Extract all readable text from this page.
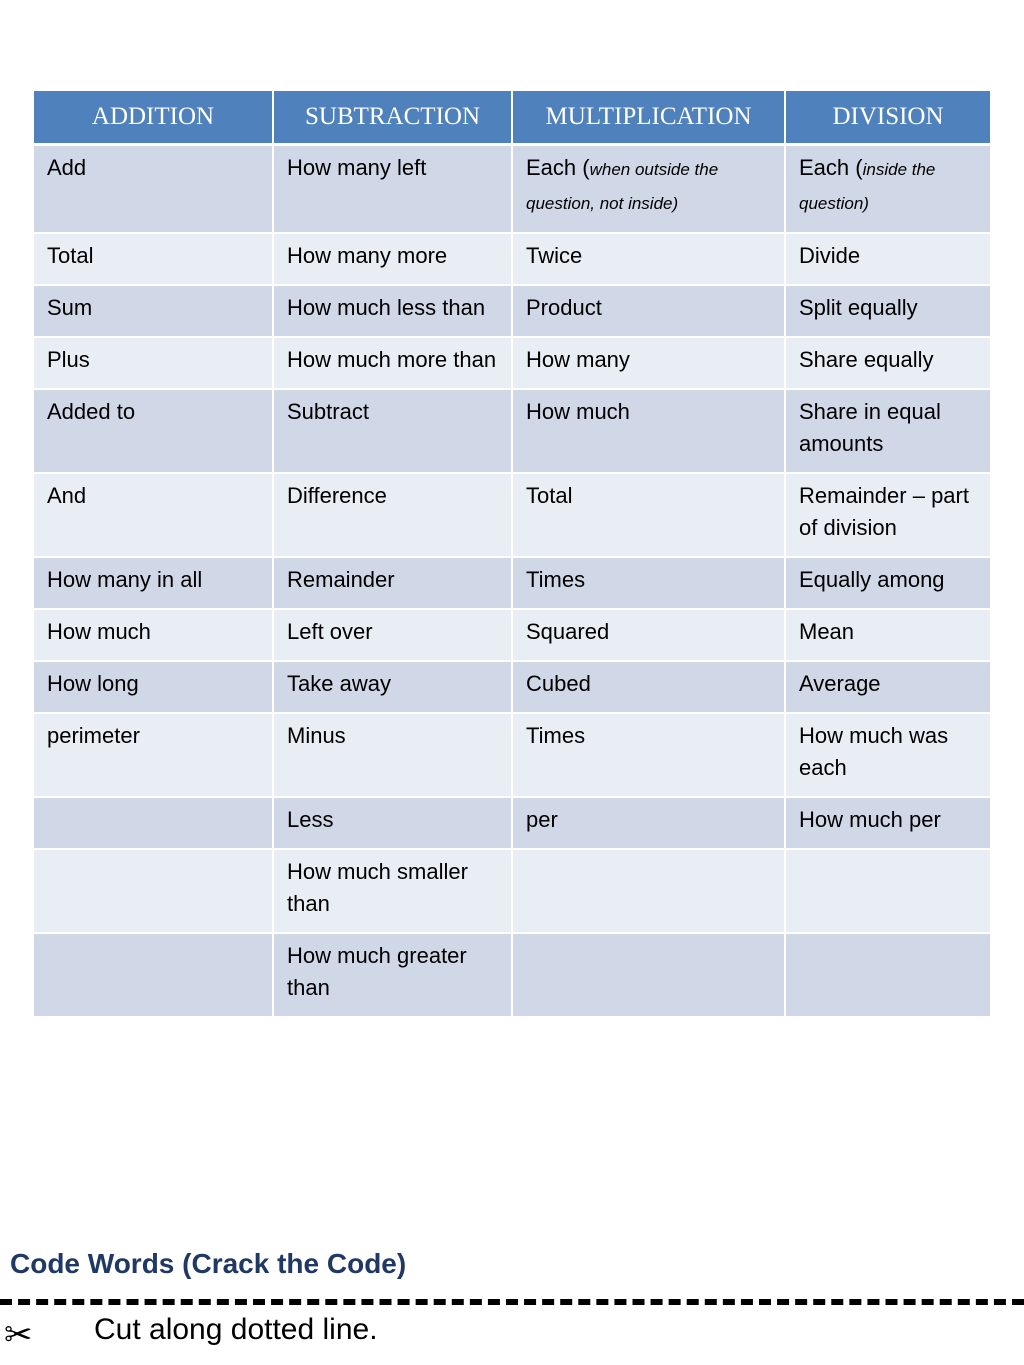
ADDITION	SUBTRACTION	MULTIPLICATION	DIVISION
Add	How many left	Each (when outside the question, not inside)	Each (inside the question)
Total	How many more	Twice	Divide
Sum	How much less than	Product	Split equally
Plus	How much more than	How many	Share equally
Added to	Subtract	How much	Share in equal amounts
And	Difference	Total	Remainder – part of division
How many in all	Remainder	Times	Equally among
How much	Left over	Squared	Mean
How long	Take away	Cubed	Average
perimeter	Minus	Times	How much was each
	Less	per	How much per
	How much smaller than		
	How much greater than		
Code Words (Crack the Code)
✂ Cut along dotted line.
